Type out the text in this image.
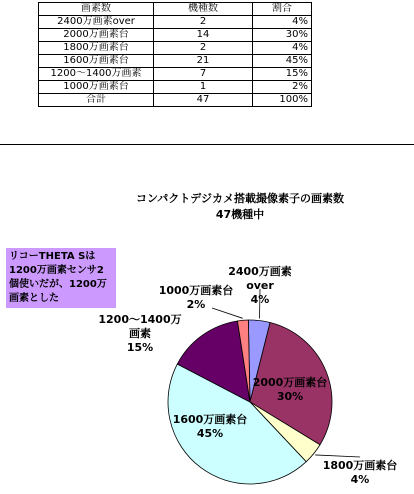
画素数	機種数	割合
2400万画素over	2	4%
2000万画素台	14	30%
1800万画素台	2	4%
1600万画素台	21	45%
1200～1400万画素	7	15%
1000万画素台	1	2%
合計	47	100%
コンパクトデジカメ搭載撮像素子の画素数
47機種中
2400万画素
over
4%
2000万画素台
30%
1800万画素台
4%
1600万画素台
45%
1200～1400万
画素
15%
1000万画素台
2%
リコーTHETA Sは1200万画素センサ2個使いだが、1200万画素とした
